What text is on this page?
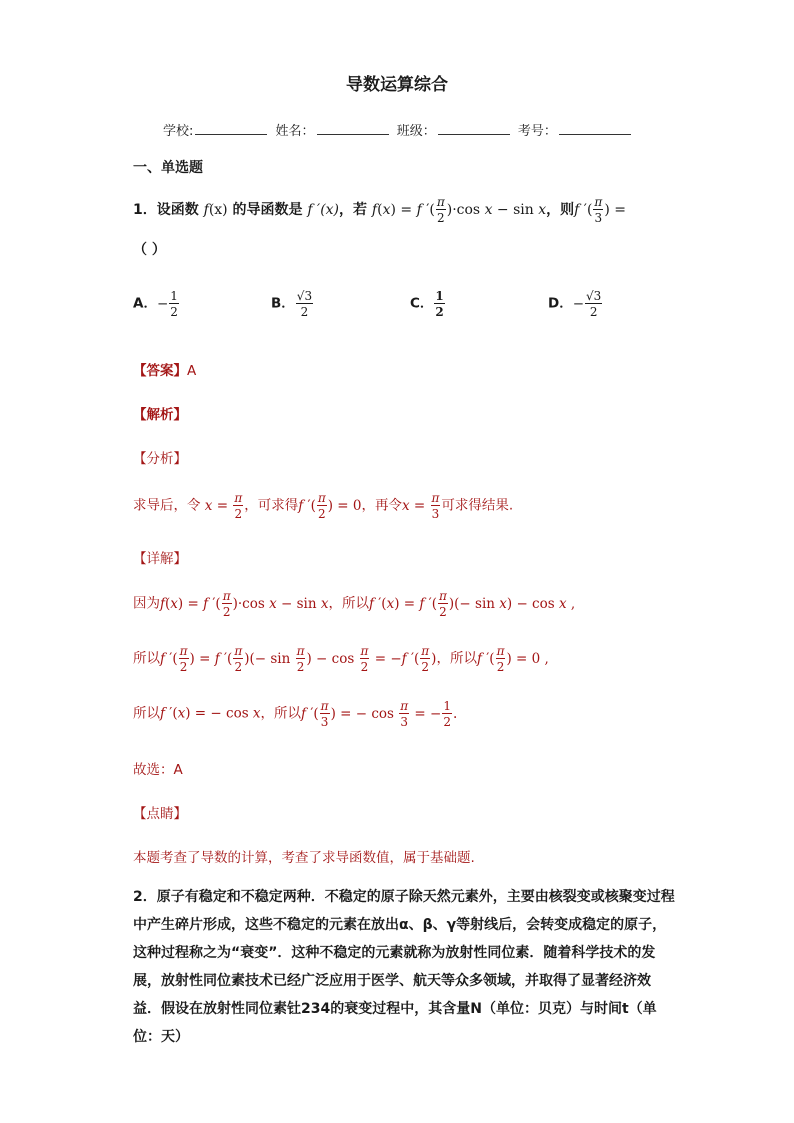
导数运算综合
学校:	姓名：	班级：	考号：
一、单选题
1．设函数 f(x) 的导函数是 f ′(x)，若 f(x) = f ′( $\frac{\pi}{2} )\cdot\cos$ x − sin x，则f ′( $\frac{\pi}{3}$ ) =
（ ）
A．− $\frac{1}{2}$	B． $\frac{√3}{2}$	C． $\frac{1}{2}$	D．− $\frac{√3}{2}$
【答案】A
【解析】
【分析】
求导后，令 $x = \frac{\pi}{2}$ ，可求得f ′( $\frac{\pi}{2}$ ) = 0，再令$x = \frac{\pi}{3}$ 可求得结果.
【详解】
因为f(x) = f ′( $\frac{\pi}{2} )\cdot\cos$ x − sin x，所以f ′(x) = f ′( $\frac{\pi}{2}$ )(− sin x) − cos x ,
所以f ′( $\frac{\pi}{2}$ ) = f ′( $\frac{\pi}{2}$ )(− $\sin \frac{\pi}{2}$ ) − $\cos \frac{\pi}{2} = -f$ ′( $\frac{\pi}{2}$ )，所以f ′( $\frac{\pi}{2}$ ) = 0 ,
所以f ′(x) = − cos x，所以f ′( $\frac{\pi}{3}$ ) = − $\cos \frac{\pi}{3}$ = − $\frac{1}{2}$ .
故选：A
【点睛】
本题考查了导数的计算，考查了求导函数值，属于基础题.
2．原子有稳定和不稳定两种．不稳定的原子除天然元素外，主要由核裂变或核聚变过程中产生碎片形成，这些不稳定的元素在放出α、β、γ等射线后，会转变成稳定的原子，这种过程称之为“衰变”．这种不稳定的元素就称为放射性同位素．随着科学技术的发展，放射性同位素技术已经广泛应用于医学、航天等众多领域，并取得了显著经济效益．假设在放射性同位素钍234的衰变过程中，其含量N（单位：贝克）与时间t（单位：天）
